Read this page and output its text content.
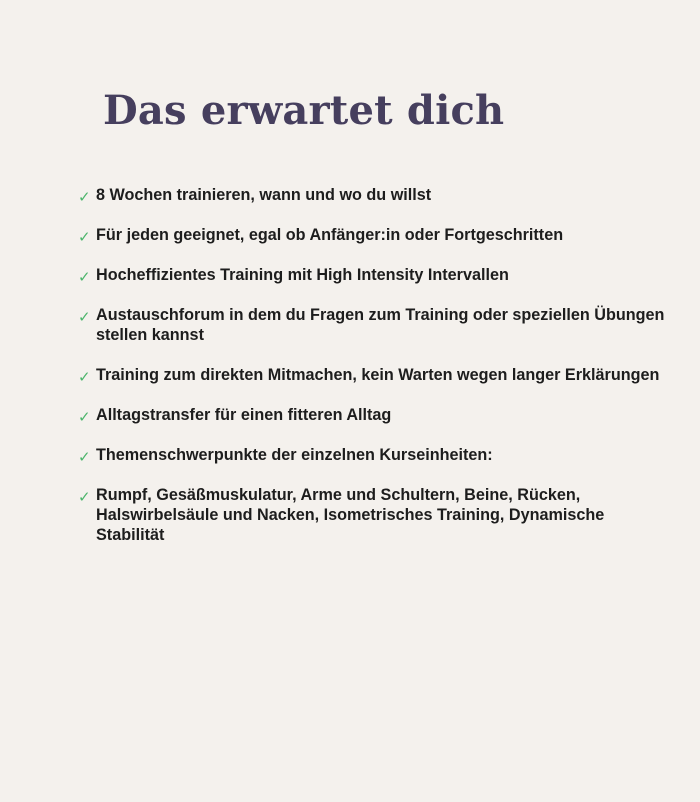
Das erwartet dich
✓ 8 Wochen trainieren, wann und wo du willst
✓ Für jeden geeignet, egal ob Anfänger:in oder Fortgeschritten
✓ Hocheffizientes Training mit High Intensity Intervallen
✓ Austauschforum in dem du Fragen zum Training oder speziellen Übungen stellen kannst
✓ Training zum direkten Mitmachen, kein Warten wegen langer Erklärungen
✓ Alltagstransfer für einen fitteren Alltag
✓ Themenschwerpunkte der einzelnen Kurseinheiten:
✓ Rumpf, Gesäßmuskulatur, Arme und Schultern, Beine, Rücken, Halswirbelsäule und Nacken, Isometrisches Training, Dynamische Stabilität
